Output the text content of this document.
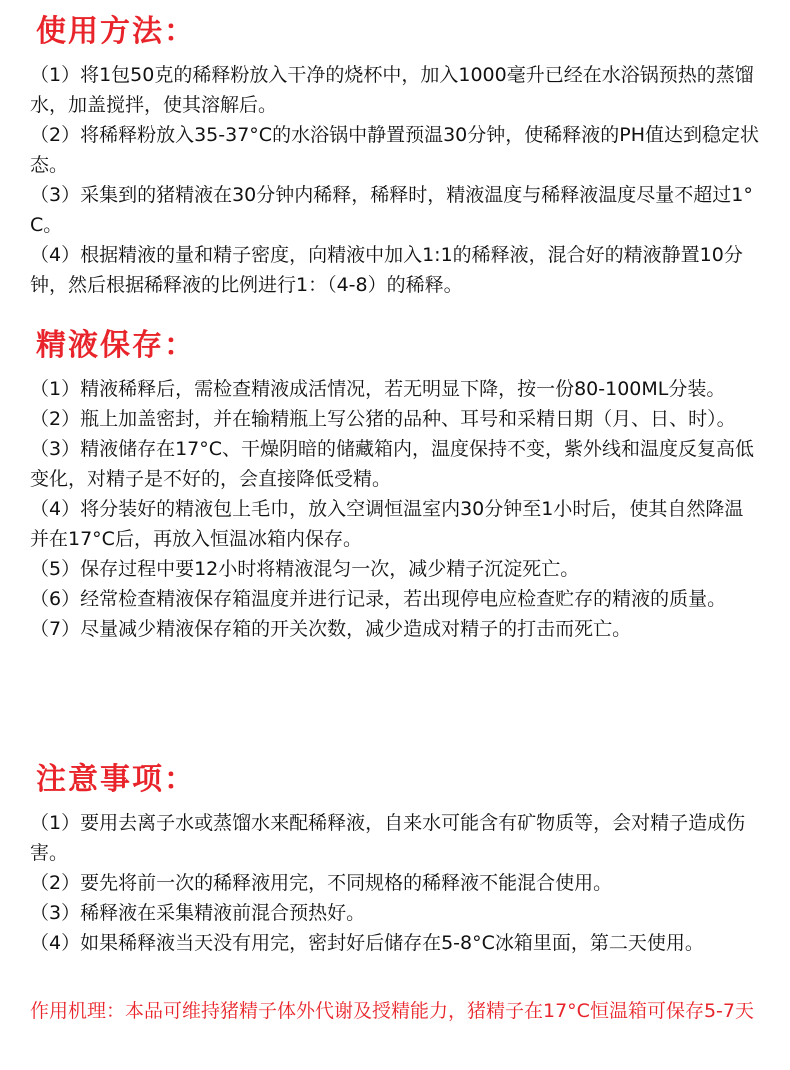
使用方法：
（1）将1包50克的稀释粉放入干净的烧杯中，加入1000毫升已经在水浴锅预热的蒸馏水，加盖搅拌，使其溶解后。
（2）将稀释粉放入35-37°C的水浴锅中静置预温30分钟，使稀释液的PH值达到稳定状态。
（3）采集到的猪精液在30分钟内稀释，稀释时，精液温度与稀释液温度尽量不超过1°C。
（4）根据精液的量和精子密度，向精液中加入1:1的稀释液，混合好的精液静置10分钟，然后根据稀释液的比例进行1：（4-8）的稀释。
精液保存：
（1）精液稀释后，需检查精液成活情况，若无明显下降，按一份80-100ML分装。
（2）瓶上加盖密封，并在输精瓶上写公猪的品种、耳号和采精日期（月、日、时）。
（3）精液储存在17°C、干燥阴暗的储藏箱内，温度保持不变，紫外线和温度反复高低变化，对精子是不好的，会直接降低受精。
（4）将分装好的精液包上毛巾，放入空调恒温室内30分钟至1小时后，使其自然降温并在17°C后，再放入恒温冰箱内保存。
（5）保存过程中要12小时将精液混匀一次，减少精子沉淀死亡。
（6）经常检查精液保存箱温度并进行记录，若出现停电应检查贮存的精液的质量。
（7）尽量减少精液保存箱的开关次数，减少造成对精子的打击而死亡。
注意事项：
（1）要用去离子水或蒸馏水来配稀释液，自来水可能含有矿物质等，会对精子造成伤害。
（2）要先将前一次的稀释液用完，不同规格的稀释液不能混合使用。
（3）稀释液在采集精液前混合预热好。
（4）如果稀释液当天没有用完，密封好后储存在5-8°C冰箱里面，第二天使用。

作用机理：本品可维持猪精子体外代谢及授精能力，猪精子在17°C恒温箱可保存5-7天
